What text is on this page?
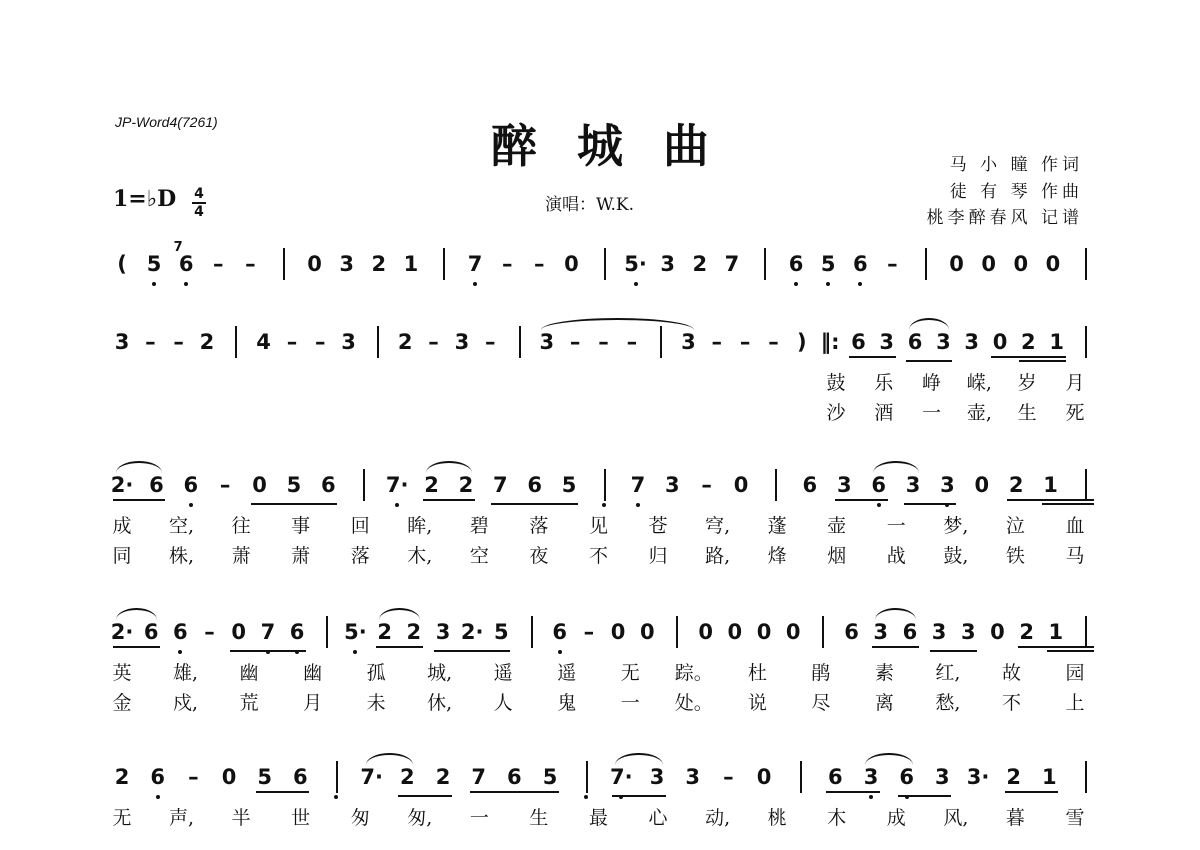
JP-Word4(7261)	醉城曲
1=♭D 4
4	演唱：W.K.
马 小 瞳 作词
徒 有 琴 作曲
桃李醉春风 记谱
( 5 6 – – 0 3 2 1 7 – – 0 5· 3 2 7 6 5 6 – 0 0 0 0
7
3 – – 2 4 – – 3 2 – 3 – 3 – – – 3 – – – ) ‖: 6 3 6 3 3 0 2 1
鼓 乐 峥 嵘, 岁 月
沙 酒 一 壶, 生 死
2· 6 6 – 0 5 6 7· 2 2 7 6 5	7 3 – 0	6 3 6 3 3 0 2 1
成 空, 往 事 回 眸, 碧 落 见 苍 穹, 蓬 壶 一 梦, 泣 血
同 株, 萧 萧 落 木, 空 夜 不 归 路, 烽 烟 战 鼓, 铁 马
2· 6 6 – 0 7 6 5· 2 2 3 2· 5 6 – 0 0 0 0 0 0 6 3 6 3 3 0 2 1
英 雄, 幽 幽 孤 城, 遥 遥 无 踪。 杜 鹃 素 红, 故 园
金 戍, 荒 月 未 休, 人 鬼 一 处。 说 尽 离 愁, 不 上
2 6 – 0 5 6	7· 2 2 7 6 5	7· 3 3 – 0	6 3 6 3 3· 2 1
无 声, 半 世 匆 匆, 一 生 最 心 动, 桃 木 成 风, 暮 雪
